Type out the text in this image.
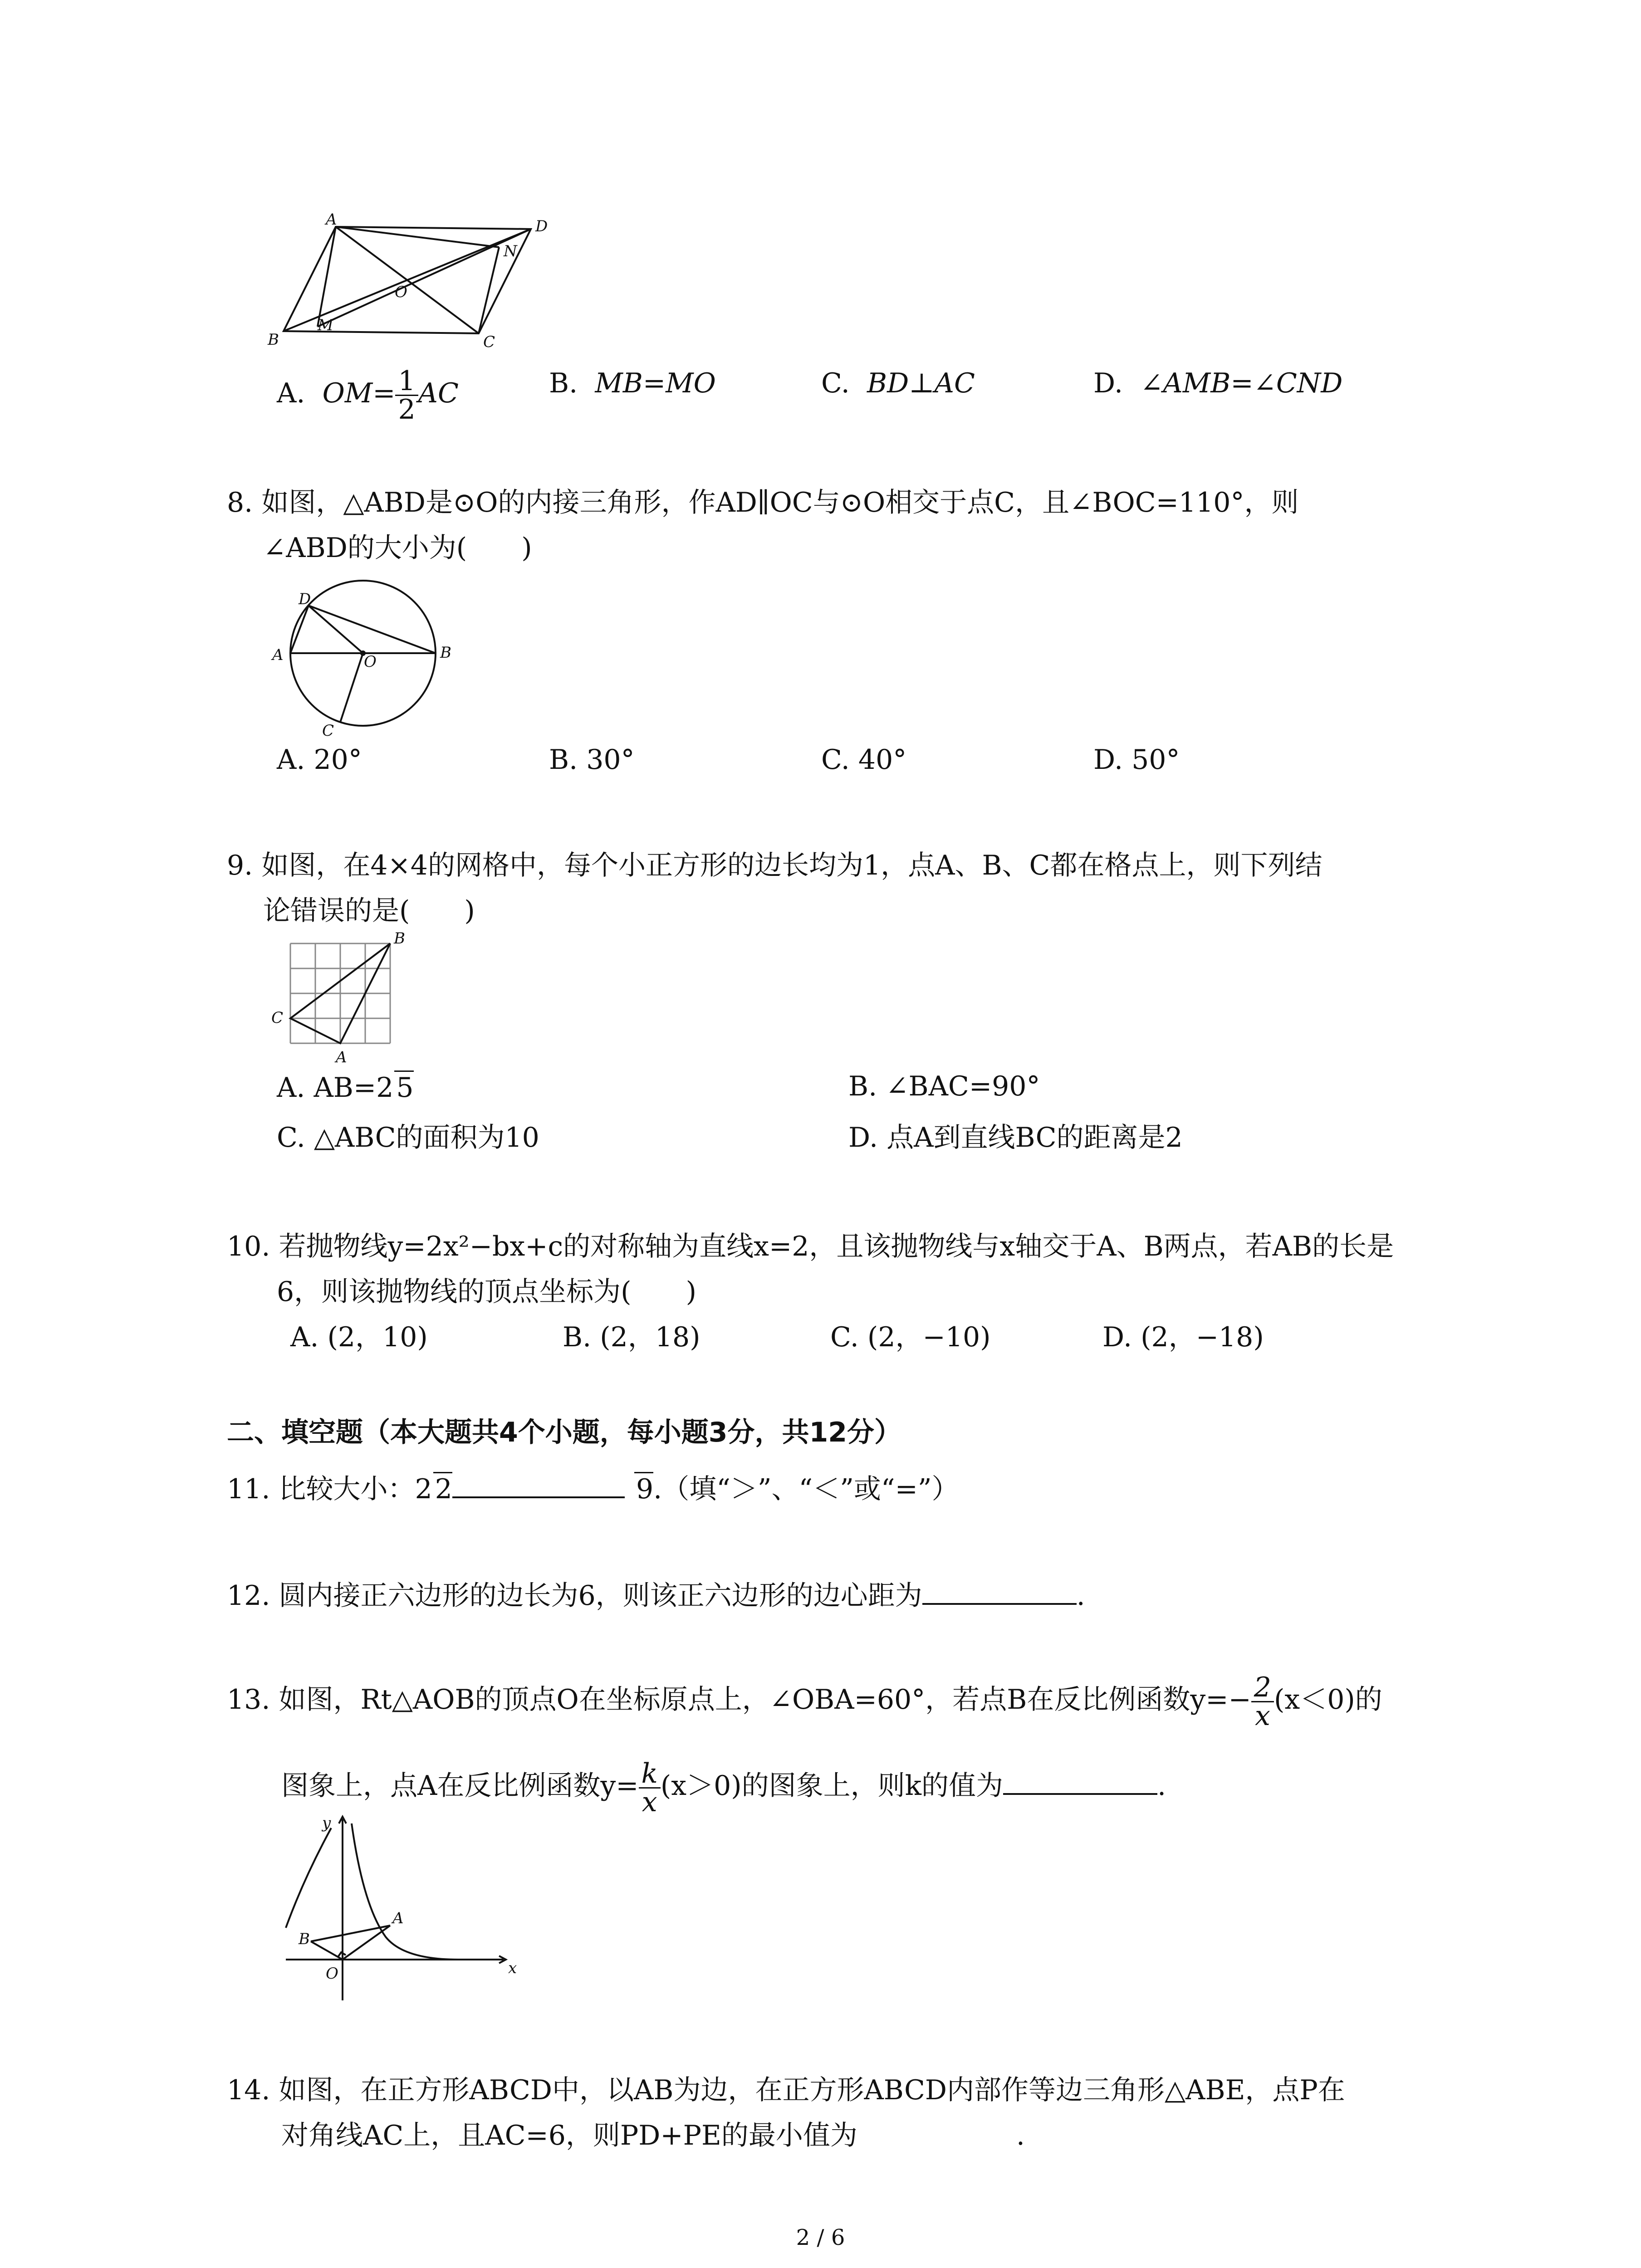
A	D
B	C
M
N
O
A. $OM= \frac{1}{2}$ AC	B. MB=MO	C. BD⊥AC	D. ∠AMB=∠CND
8. 如图，△ABD是⊙O的内接三角形，作AD∥OC与⊙O相交于点C，且∠BOC=110°，则
∠ABD的大小为(　　)
D
A	B
O
C
A. 20°	B. 30°	C. 40°	D. 50°
9. 如图，在4×4的网格中，每个小正方形的边长均为1，点A、B、C都在格点上，则下列结
论错误的是(　　)
B
C
A
A. AB=2 5	B. ∠BAC=90°
C. △ABC的面积为10	D. 点A到直线BC的距离是2
10. 若抛物线y=2x²−bx+c的对称轴为直线x=2，且该抛物线与x轴交于A、B两点，若AB的长是
6，则该抛物线的顶点坐标为(　　)
A. (2，10)	B. (2，18)	C. (2，−10)	D. (2，−18)
二、填空题（本大题共4个小题，每小题3分，共12分）
11. 比较大小：2 2	9.（填“＞”、“＜”或“=”）
12. 圆内接正六边形的边长为6，则该正六边形的边心距为	.
13. 如图，Rt△AOB的顶点O在坐标原点上，∠OBA=60°，若点B在反比例函数$y=- \frac{2}{x} (x<0)$的
图象上，点A在反比例函数$y= \frac{k}{x} (x>0)$的图象上，则k的值为	.
y
x
O
A
B
14. 如图，在正方形ABCD中，以AB为边，在正方形ABCD内部作等边三角形△ABE，点P在
对角线AC上，且AC=6，则PD+PE的最小值为	.
2 / 6
